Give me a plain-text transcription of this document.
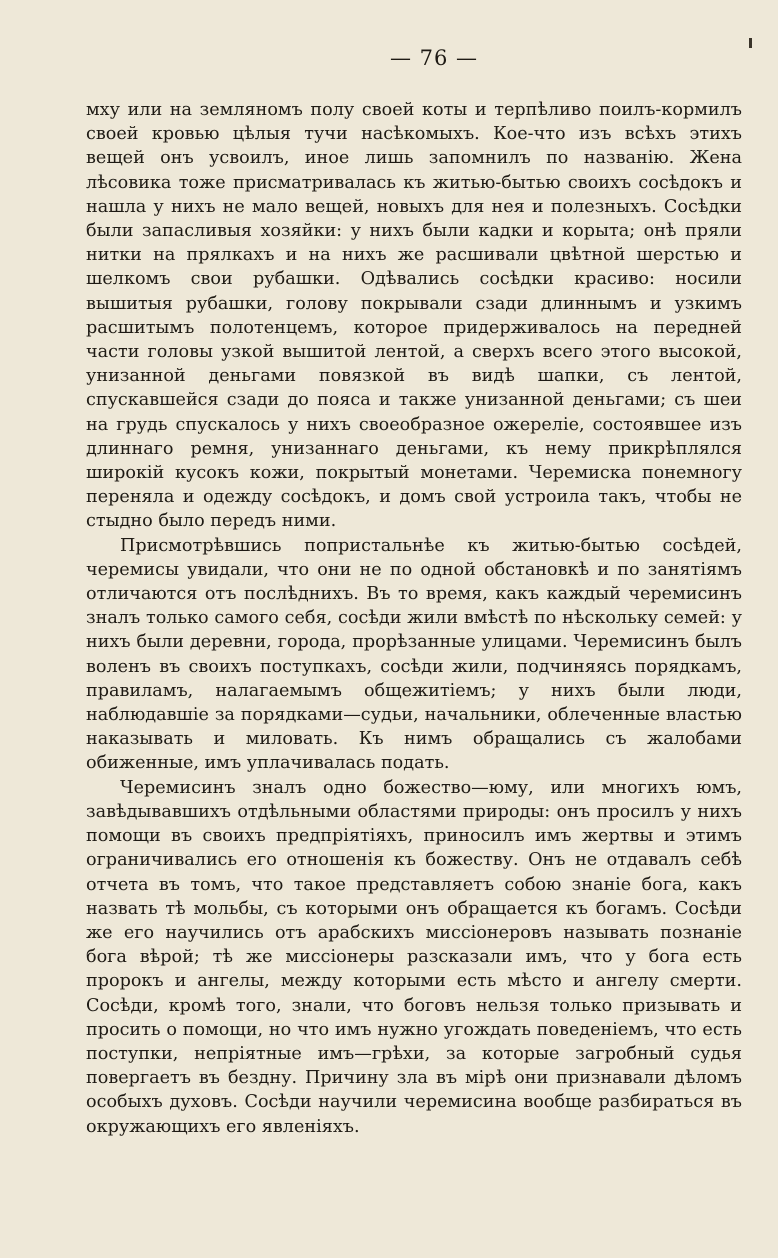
— 76 —

мху или на земляномъ полу своей коты и терпѣливо поилъ-кормилъ своей кровью цѣлыя тучи насѣкомыхъ. Кое-что изъ всѣхъ этихъ вещей онъ усвоилъ, иное лишь запомнилъ по названію. Жена лѣсовика тоже присматривалась къ житью-бытью своихъ сосѣдокъ и нашла у нихъ не мало вещей, новыхъ для нея и полезныхъ. Сосѣдки были запасливыя хозяйки: у нихъ были кадки и корыта; онѣ пряли нитки на прялкахъ и на нихъ же расшивали цвѣтной шерстью и шелкомъ свои рубашки. Одѣвались сосѣдки красиво: носили вышитыя рубашки, голову покрывали сзади длиннымъ и узкимъ расшитымъ полотенцемъ, которое придерживалось на передней части головы узкой вышитой лентой, а сверхъ всего этого высокой, унизанной деньгами повязкой въ видѣ шапки, съ лентой, спускавшейся сзади до пояса и также унизанной деньгами; съ шеи на грудь спускалось у нихъ своеобразное ожереліе, состоявшее изъ длиннаго ремня, унизаннаго деньгами, къ нему прикрѣплялся широкій кусокъ кожи, покрытый монетами. Черемиска понемногу переняла и одежду сосѣдокъ, и домъ свой устроила такъ, чтобы не стыдно было передъ ними.

Присмотрѣвшись попристальнѣе къ житью-бытью сосѣдей, черемисы увидали, что они не по одной обстановкѣ и по занятіямъ отличаются отъ послѣднихъ. Въ то время, какъ каждый черемисинъ зналъ только самого себя, сосѣди жили вмѣстѣ по нѣскольку семей: у нихъ были деревни, города, прорѣзанные улицами. Черемисинъ былъ воленъ въ своихъ поступкахъ, сосѣди жили, подчиняясь порядкамъ, правиламъ, налагаемымъ общежитіемъ; у нихъ были люди, наблюдавшіе за порядками—судьи, начальники, облеченные властью наказывать и миловать. Къ нимъ обращались съ жалобами обиженные, имъ уплачивалась подать.

Черемисинъ зналъ одно божество—юму, или многихъ юмъ, завѣдывавшихъ отдѣльными областями природы: онъ просилъ у нихъ помощи въ своихъ предпріятіяхъ, приносилъ имъ жертвы и этимъ ограничивались его отношенія къ божеству. Онъ не отдавалъ себѣ отчета въ томъ, что такое представляетъ собою знаніе бога, какъ назвать тѣ мольбы, съ которыми онъ обращается къ богамъ. Сосѣди же его научились отъ арабскихъ миссіонеровъ называть познаніе бога вѣрой; тѣ же миссіонеры разсказали имъ, что у бога есть пророкъ и ангелы, между которыми есть мѣсто и ангелу смерти. Сосѣди, кромѣ того, знали, что боговъ нельзя только призывать и просить о помощи, но что имъ нужно угождать поведеніемъ, что есть поступки, непріятные имъ—грѣхи, за которые загробный судья повергаетъ въ бездну. Причину зла въ мірѣ они признавали дѣломъ особыхъ духовъ. Сосѣди научили черемисина вообще разбираться въ окружающихъ его явленіяхъ.
